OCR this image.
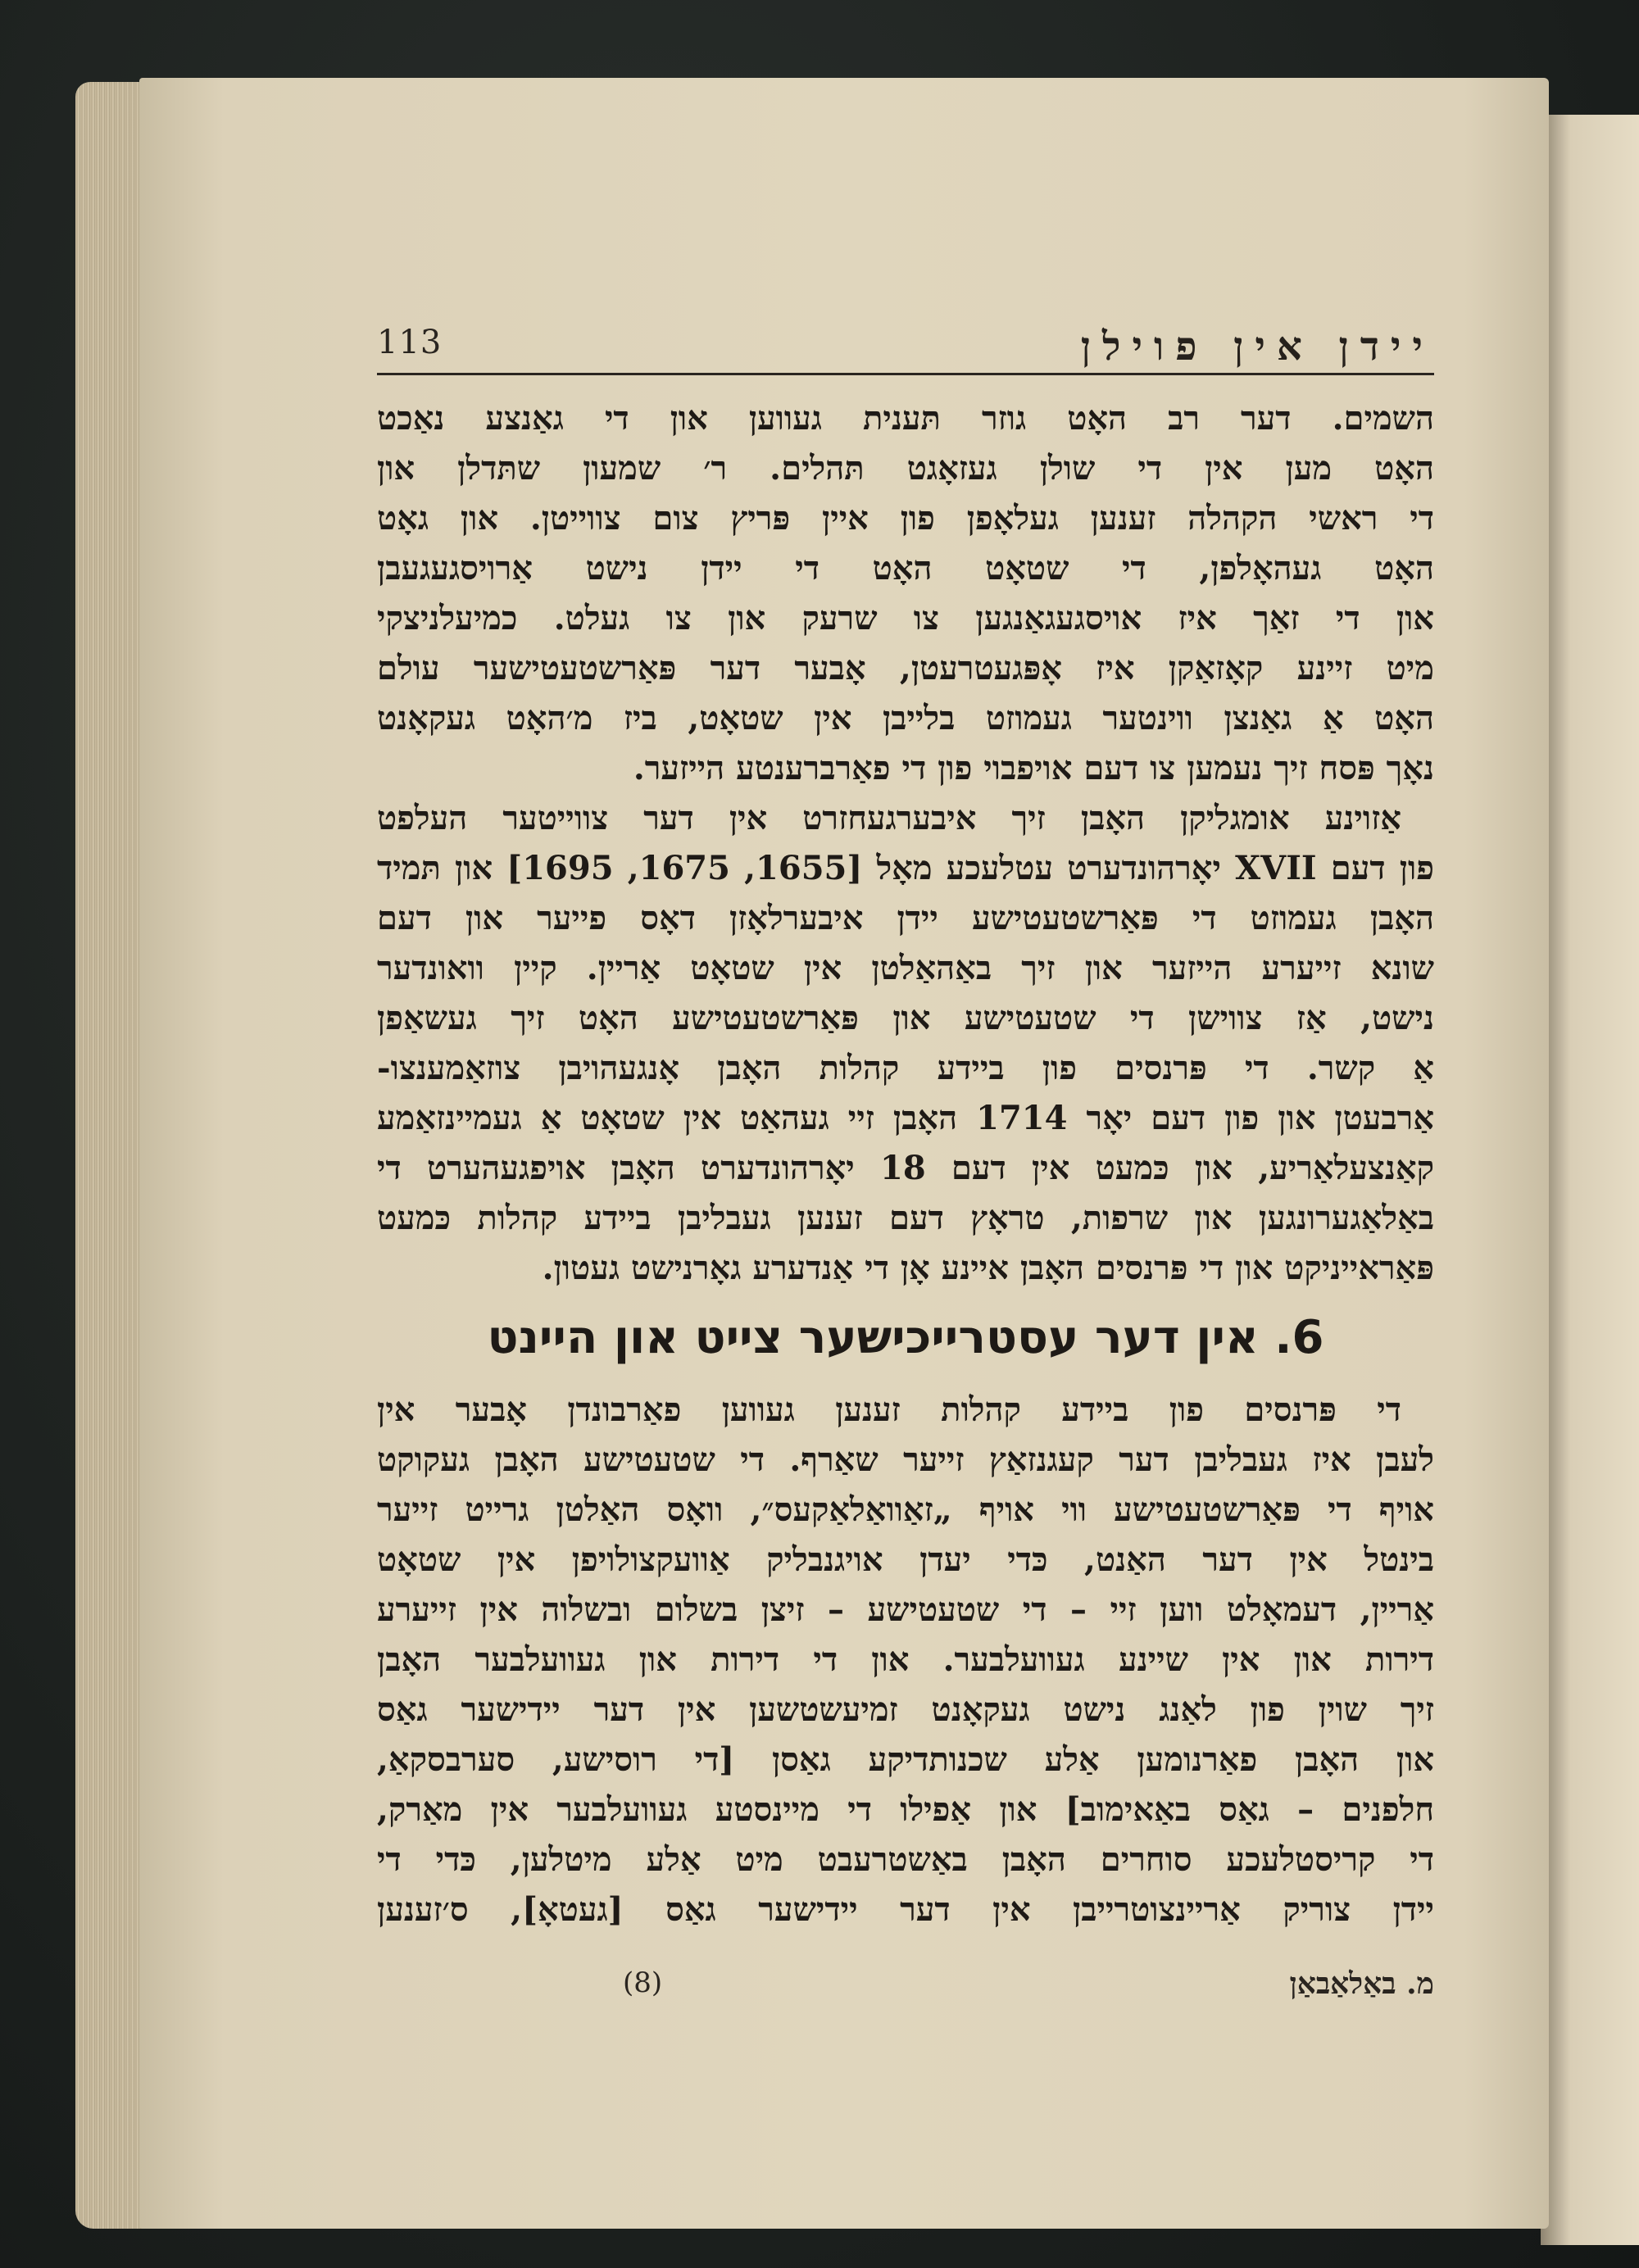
113	יידן אין פוילן
השמים. דער רב האָט גוזר תּענית געווען און די גאַנצע נאַכט
האָט מען אין די שולן געזאָגט תּהלים. ר׳ שמעון שתּדלן און
די ראשי הקהלה זענען געלאָפן פון איין פּריץ צום צווייטן. און גאָט
האָט געהאָלפן, די שטאָט האָט די יידן נישט אַרויסגעגעבן
און די זאַך איז אויסגעגאַנגען צו שרעק און צו געלט. כמיעלניצקי
מיט זיינע קאָזאַקן איז אָפּגעטרעטן, אָבער דער פּאַרשטעטישער עולם
האָט אַ גאַנצן ווינטער געמוזט בלייבן אין שטאָט, ביז מ׳האָט געקאָנט
נאָך פּסח זיך נעמען צו דעם אויפבוי פון די פאַרברענטע הייזער.
אַזוינע אומגליקן האָבן זיך איבערגעחזרט אין דער צווייטער העלפט
פון דעם XVII יאָרהונדערט עטלעכע מאָל [1655, 1675, 1695] און תּמיד
האָבן געמוזט די פּאַרשטעטישע יידן איבערלאָזן דאָס פייער און דעם
שונא זייערע הייזער און זיך באַהאַלטן אין שטאָט אַריין. קיין וואונדער
נישט, אַז צווישן די שטעטישע און פּאַרשטעטישע האָט זיך געשאַפן
אַ קשר. די פּרנסים פון ביידע קהלות האָבן אָנגעהויבן צוזאַמענצו-
אַרבעטן און פון דעם יאָר 1714 האָבן זיי געהאַט אין שטאָט אַ געמיינזאַמע
קאַנצעלאַריע, און כּמעט אין דעם 18 יאָרהונדערט האָבן אויפגעהערט די
באַלאַגערונגען און שרפות, טראָץ דעם זענען געבליבן ביידע קהלות כּמעט
פּאַראייניקט און די פּרנסים האָבן איינע אָן די אַנדערע גאָרנישט געטון.
6. אין דער עסטרייכישער צייט און היינט
די פּרנסים פון ביידע קהלות זענען געווען פאַרבונדן אָבער אין
לעבן איז געבליבן דער קעגנזאַץ זייער שאַרף. די שטעטישע האָבן געקוקט
אויף די פּאַרשטעטישע ווי אויף „זאַוואַלאַקעס״, וואָס האַלטן גרייט זייער
בינטל אין דער האַנט, כּדי יעדן אויגנבליק אַוועקצולויפן אין שטאָט
אַריין, דעמאָלט ווען זיי – די שטעטישע – זיצן בשלום ובשלוה אין זייערע
דירות און אין שיינע געוועלבער. און די דירות און געוועלבער האָבן
זיך שוין פון לאַנג נישט געקאָנט זמיעשטשען אין דער יידישער גאַס
און האָבן פאַרנומען אַלע שכנותדיקע גאַסן [די רוסישע, סערבסקאַ,
חלפנים – גאַס באַאימוב] און אַפילו די מיינסטע געוועלבער אין מאַרק,
די קריסטלעכע סוחרים האָבן באַשטרעבט מיט אַלע מיטלען, כּדי די
יידן צוריק אַריינצוטרייבן אין דער יידישער גאַס [געטאָ], ס׳זענען
מ. באַלאַבאַן
(8)
